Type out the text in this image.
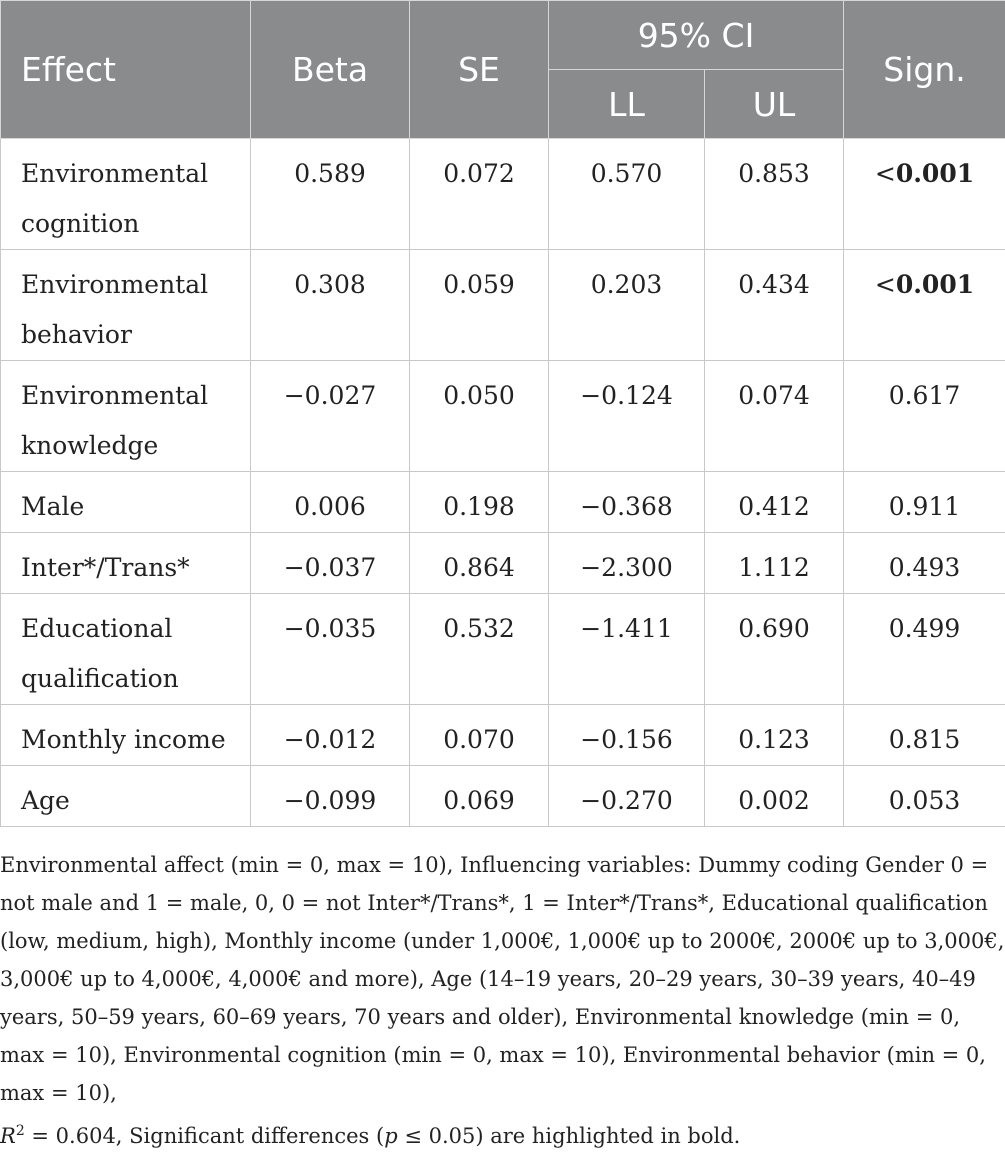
Effect	Beta	SE	95% CI		Sign.
			LL	UL	
Environmental
cognition	0.589	0.072	0.570	0.853	<0.001
Environmental
behavior	0.308	0.059	0.203	0.434	<0.001
Environmental
knowledge	−0.027	0.050	−0.124	0.074	0.617
Male	0.006	0.198	−0.368	0.412	0.911
Inter*/Trans*	−0.037	0.864	−2.300	1.112	0.493
Educational
qualification	−0.035	0.532	−1.411	0.690	0.499
Monthly income	−0.012	0.070	−0.156	0.123	0.815
Age	−0.099	0.069	−0.270	0.002	0.053

Environmental affect (min = 0, max = 10), Influencing variables: Dummy coding Gender 0 = not male and 1 = male, 0, 0 = not Inter*/Trans*, 1 = Inter*/Trans*, Educational qualification (low, medium, high), Monthly income (under 1,000€, 1,000€ up to 2000€, 2000€ up to 3,000€, 3,000€ up to 4,000€, 4,000€ and more), Age (14–19 years, 20–29 years, 30–39 years, 40–49 years, 50–59 years, 60–69 years, 70 years and older), Environmental knowledge (min = 0, max = 10), Environmental cognition (min = 0, max = 10), Environmental behavior (min = 0, max = 10),
$R^2 = 0.604$, Significant differences (p ≤ 0.05) are highlighted in bold.
